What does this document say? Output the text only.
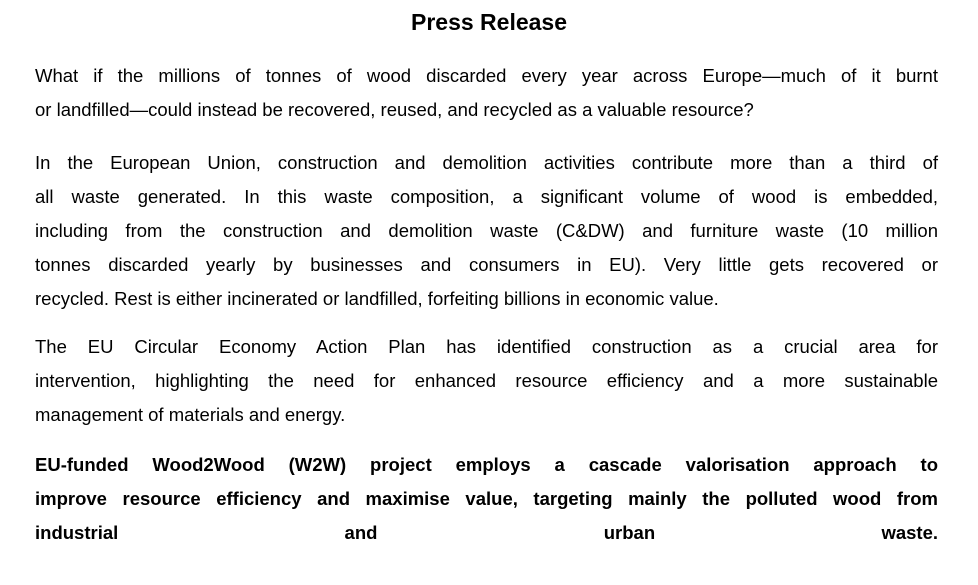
Press Release
What if the millions of tonnes of wood discarded every year across Europe—much of it burnt
or landfilled—could instead be recovered, reused, and recycled as a valuable resource?
In the European Union, construction and demolition activities contribute more than a third of
all waste generated. In this waste composition, a significant volume of wood is embedded,
including from the construction and demolition waste (C&DW) and furniture waste (10 million
tonnes discarded yearly by businesses and consumers in EU). Very little gets recovered or
recycled. Rest is either incinerated or landfilled, forfeiting billions in economic value.
The EU Circular Economy Action Plan has identified construction as a crucial area for
intervention, highlighting the need for enhanced resource efficiency and a more sustainable
management of materials and energy.
EU-funded Wood2Wood (W2W) project employs a cascade valorisation approach to
improve resource efficiency and maximise value, targeting mainly the polluted wood from
industrial and urban waste.
